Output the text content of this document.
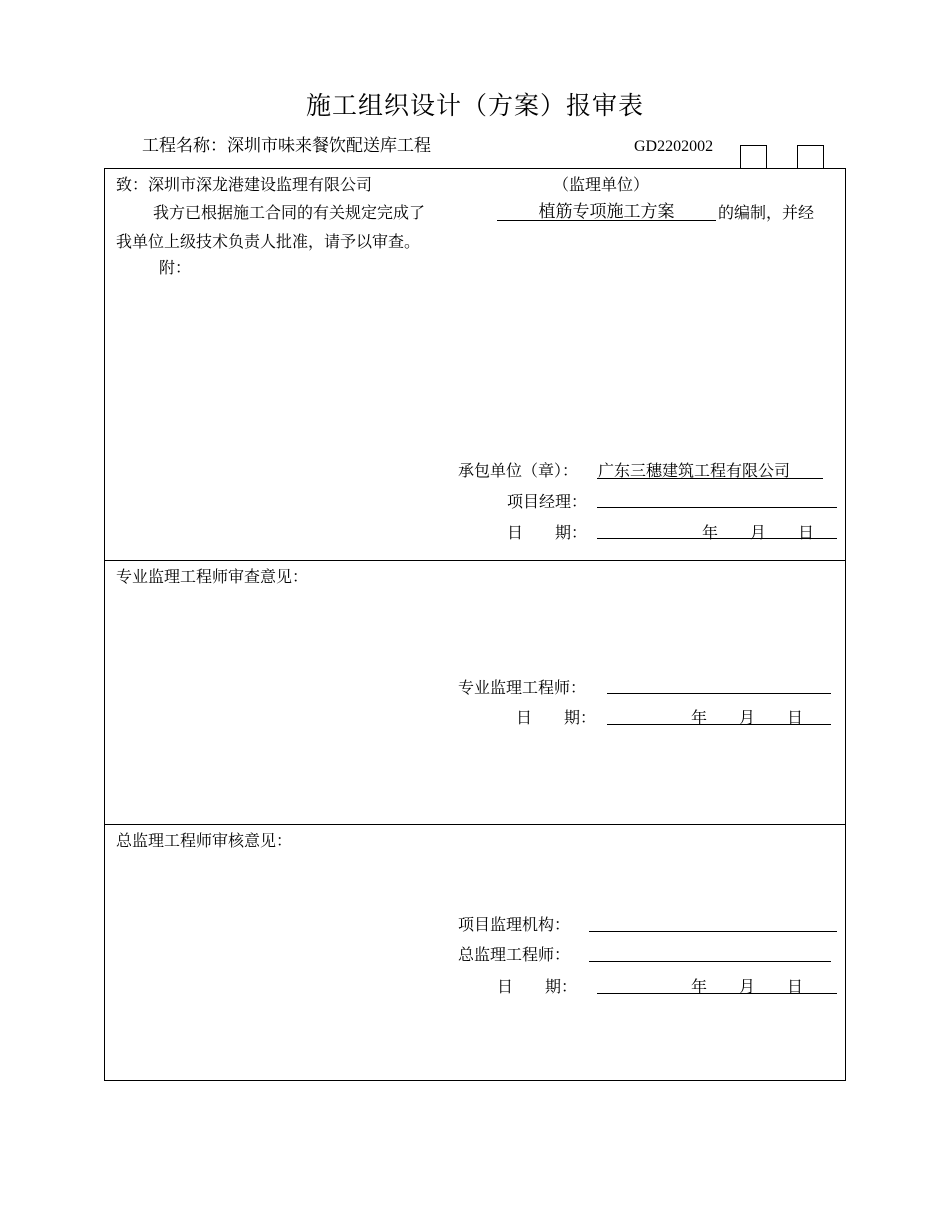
施工组织设计（方案）报审表
工程名称：深圳市味来餐饮配送库工程	GD2202002
致：深圳市深龙港建设监理有限公司	（监理单位）
我方已根据施工合同的有关规定完成了	植筋专项施工方案	的编制，并经
我单位上级技术负责人批准，请予以审查。
附：
承包单位（章）： 广东三穗建筑工程有限公司
项目经理：
日　　期：	年　　月　　日
专业监理工程师审查意见：
专业监理工程师：
日　　期：	年　　月　　日
总监理工程师审核意见：
项目监理机构：
总监理工程师：
日　　期：	年　　月　　日
